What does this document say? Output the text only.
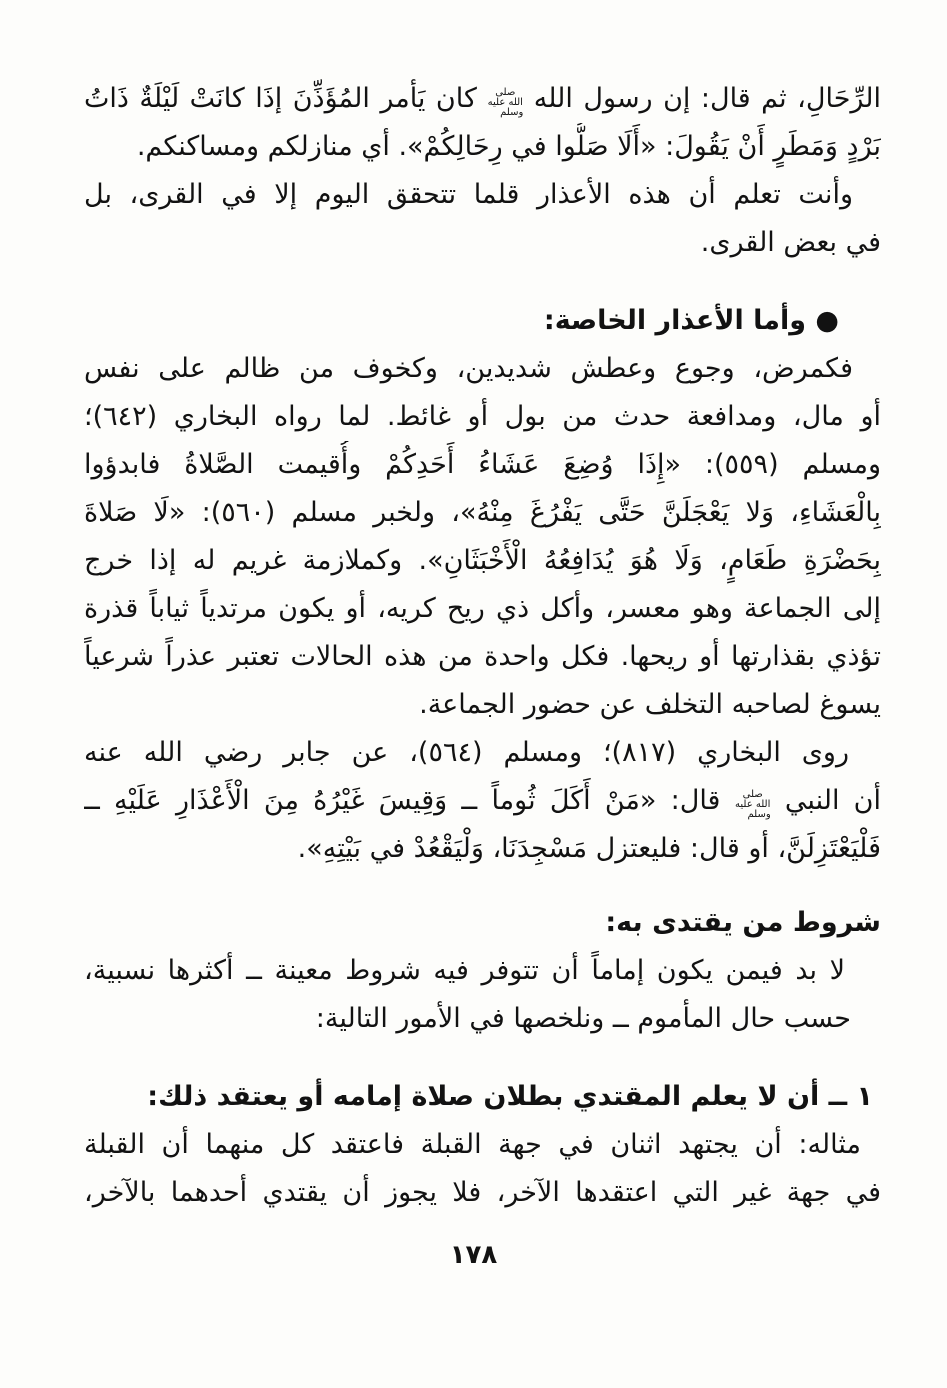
الرِّحَالِ، ثم قال: إن رسول الله صلى الله عليه وسلم كان يَأمر المُؤَذِّنَ إذَا كانَتْ لَيْلَةٌ ذَاتُ
بَرْدٍ وَمَطَرٍ أَنْ يَقُولَ: «أَلَا صَلُّوا في رِحَالِكُمْ». أي منازلكم ومساكنكم.
وأنت تعلم أن هذه الأعذار قلما تتحقق اليوم إلا في القرى، بل
في بعض القرى.
● وأما الأعذار الخاصة:
فكمرض، وجوع وعطش شديدين، وكخوف من ظالم على نفس
أو مال، ومدافعة حدث من بول أو غائط. لما رواه البخاري (٦٤٢)؛
ومسلم (٥٥٩): «إِذَا وُضِعَ عَشَاءُ أَحَدِكُمْ وأُقيمت الصَّلاةُ فابدؤوا
بِالْعَشَاءِ، وَلا يَعْجَلَنَّ حَتَّى يَفْرُغَ مِنْهُ»، ولخبر مسلم (٥٦٠): «لَا صَلاةَ
بِحَضْرَةِ طَعَامٍ، وَلَا هُوَ يُدَافِعُهُ الْأَخْبَثَانِ». وكملازمة غريم له إذا خرج
إلى الجماعة وهو معسر، وأكل ذي ريح كريه، أو يكون مرتدياً ثياباً قذرة
تؤذي بقذارتها أو ريحها. فكل واحدة من هذه الحالات تعتبر عذراً شرعياً
يسوغ لصاحبه التخلف عن حضور الجماعة.
روى البخاري (٨١٧)؛ ومسلم (٥٦٤)، عن جابر رضي الله عنه
أن النبي صلى الله عليه وسلم قال: «مَنْ أَكَلَ ثُوماً ــ وَقِيسَ غَيْرُهُ مِنَ الْأَعْذَارِ عَلَيْهِ ــ
فَلْيَعْتَزِلَنَّ، أو قال: فليعتزل مَسْجِدَنَا، وَلْيَقْعُدْ في بَيْتِهِ».
شروط من يقتدى به:
لا بد فيمن يكون إماماً أن تتوفر فيه شروط معينة ــ أكثرها نسبية،
حسب حال المأموم ــ ونلخصها في الأمور التالية:
١ ــ أن لا يعلم المقتدي بطلان صلاة إمامه أو يعتقد ذلك:
مثاله: أن يجتهد اثنان في جهة القبلة فاعتقد كل منهما أن القبلة
في جهة غير التي اعتقدها الآخر، فلا يجوز أن يقتدي أحدهما بالآخر،
١٧٨
